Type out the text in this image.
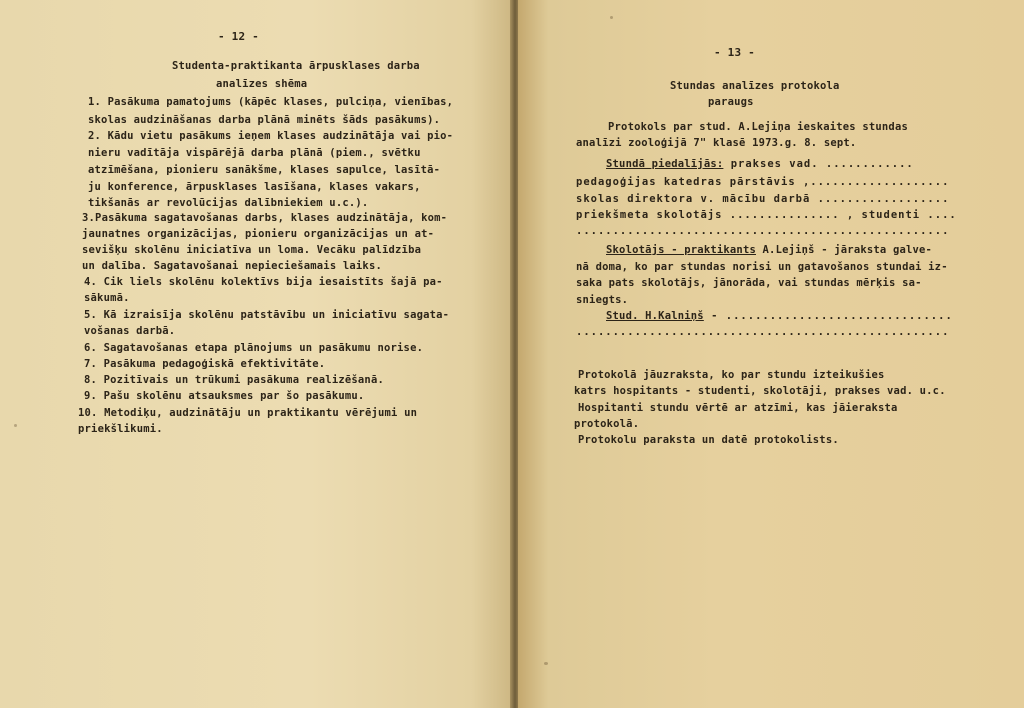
- 12 -
Studenta-praktikanta ārpusklases darba
analīzes shēma
1. Pasākuma pamatojums (kāpēc klases, pulciņa, vienības,
skolas audzināšanas darba plānā minēts šāds pasākums).
2. Kādu vietu pasākums ieņem klases audzinātāja vai pio-
nieru vadītāja vispārējā darba plānā (piem., svētku
atzīmēšana, pionieru sanākšme, klases sapulce, lasītā-
ju konference, ārpusklases lasīšana, klases vakars,
tikšanās ar revolūcijas dalībniekiem u.c.).
3.Pasākuma sagatavošanas darbs, klases audzinātāja, kom-
jaunatnes organizācijas, pionieru organizācijas un at-
sevišķu skolēnu iniciatīva un loma. Vecāku palīdzība
un dalība. Sagatavošanai nepieciešamais laiks.
4. Cik liels skolēnu kolektīvs bija iesaistīts šajā pa-
sākumā.
5. Kā izraisīja skolēnu patstāvību un iniciatīvu sagata-
vošanas darbā.
6. Sagatavošanas etapa plānojums un pasākumu norise.
7. Pasākuma pedagoģiskā efektivitāte.
8. Pozitīvais un trūkumi pasākuma realizēšanā.
9. Pašu skolēnu atsauksmes par šo pasākumu.
10. Metodiķu, audzinātāju un praktikantu vērējumi un
priekšlikumi.
- 13 -
Stundas analīzes protokola
paraugs
Protokols par stud. A.Lejiņa ieskaites stundas
analīzi zooloģijā 7" klasē 1973.g. 8. sept.
Stundā piedalījās: prakses vad. ............
pedagoģijas katedras pārstāvis ,...................
skolas direktora v. mācību darbā ..................
priekšmeta skolotājs ............... , studenti ....
...................................................
Skolotājs - praktikants A.Lejiņš - jāraksta galve-
nā doma, ko par stundas norisi un gatavošanos stundai iz-
saka pats skolotājs, jānorāda, vai stundas mērķis sa-
sniegts.
Stud. H.Kalniņš - ...............................
...................................................
Protokolā jāuzraksta, ko par stundu izteikušies
katrs hospitants - studenti, skolotāji, prakses vad. u.c.
Hospitanti stundu vērtē ar atzīmi, kas jāieraksta
protokolā.
Protokolu paraksta un datē protokolists.
